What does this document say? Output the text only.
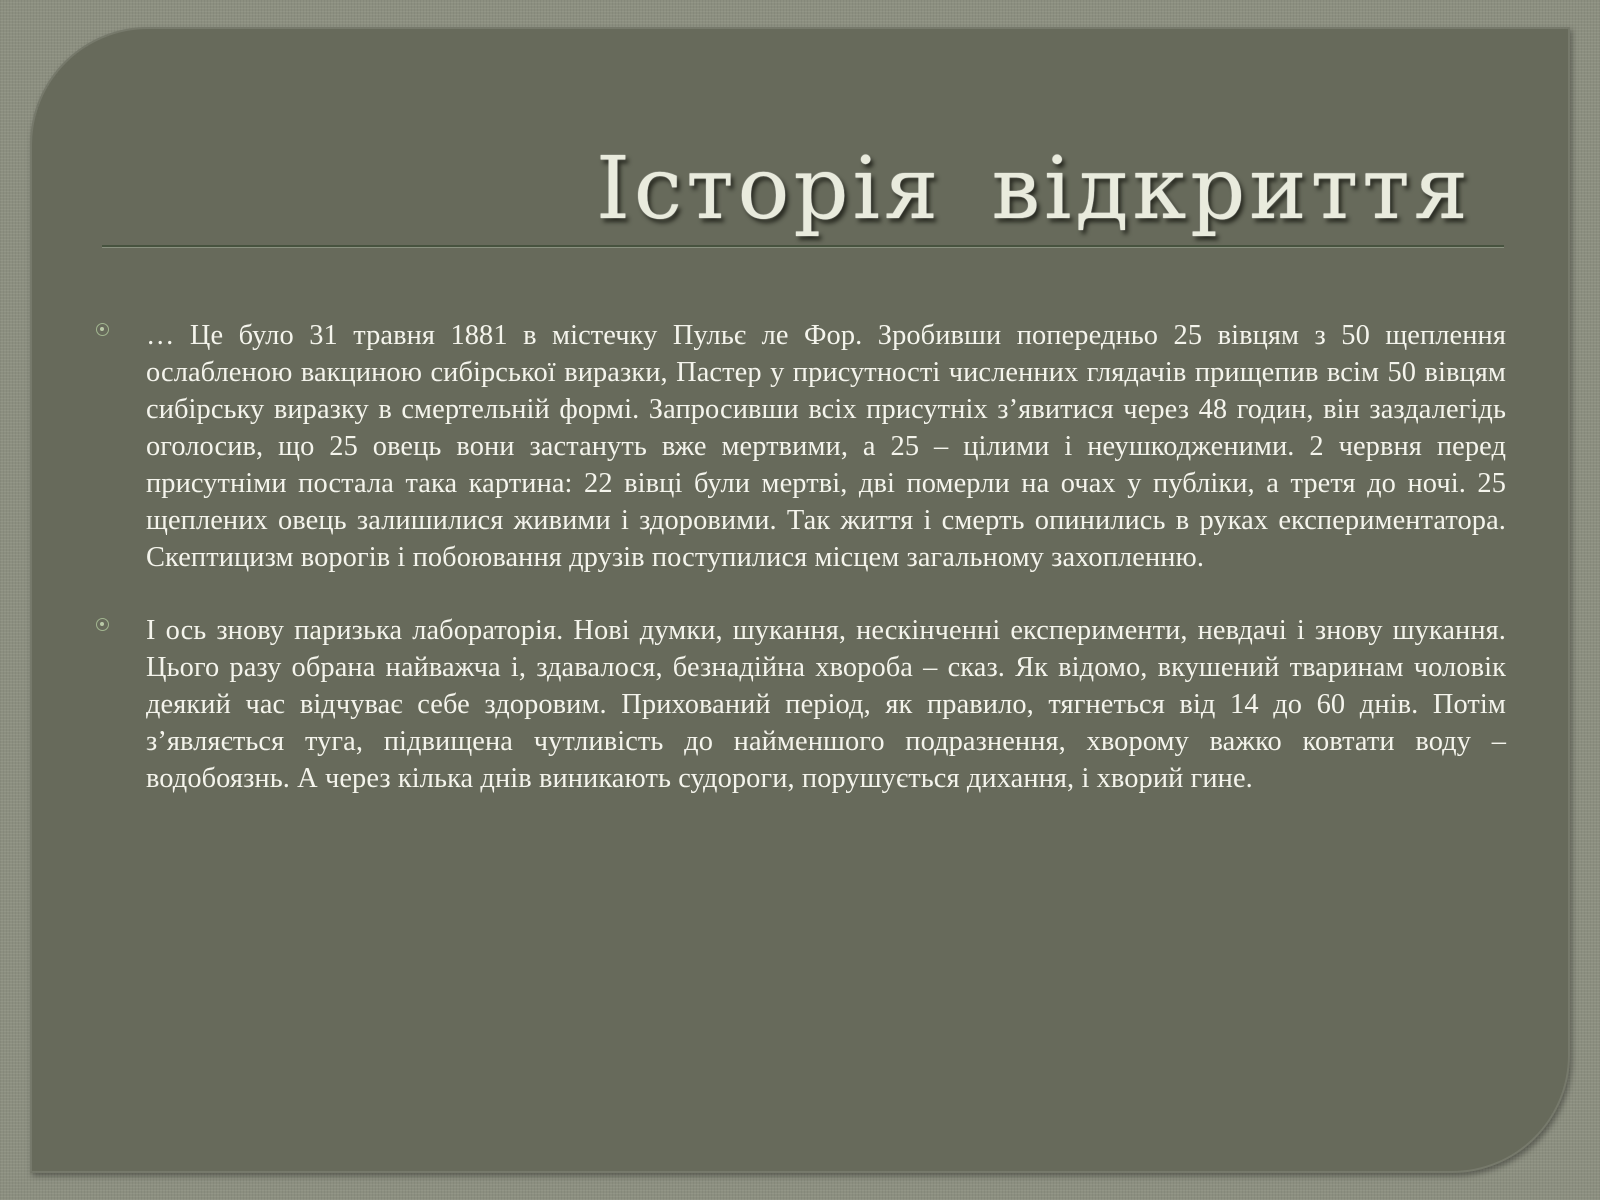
Історія відкриття

… Це було 31 травня 1881 в містечку Пульє ле Фор. Зробивши попередньо 25 вівцям з 50 щеплення ослабленою вакциною сибірської виразки, Пастер у присутності численних глядачів прищепив всім 50 вівцям сибірську виразку в смертельній формі. Запросивши всіх присутніх з’явитися через 48 годин, він заздалегідь оголосив, що 25 овець вони застануть вже мертвими, а 25 – цілими і неушкодженими. 2 червня перед присутніми постала така картина: 22 вівці були мертві, дві померли на очах у публіки, а третя до ночі. 25 щеплених овець залишилися живими і здоровими. Так життя і смерть опинились в руках експериментатора. Скептицизм ворогів і побоювання друзів поступилися місцем загальному захопленню.

І ось знову паризька лабораторія. Нові думки, шукання, нескінченні експерименти, невдачі і знову шукання. Цього разу обрана найважча і, здавалося, безнадійна хвороба – сказ. Як відомо, вкушений тваринам чоловік деякий час відчуває себе здоровим. Прихований період, як правило, тягнеться від 14 до 60 днів. Потім з’являється туга, підвищена чутливість до найменшого подразнення, хворому важко ковтати воду – водобоязнь. А через кілька днів виникають судороги, порушується дихання, і хворий гине.
